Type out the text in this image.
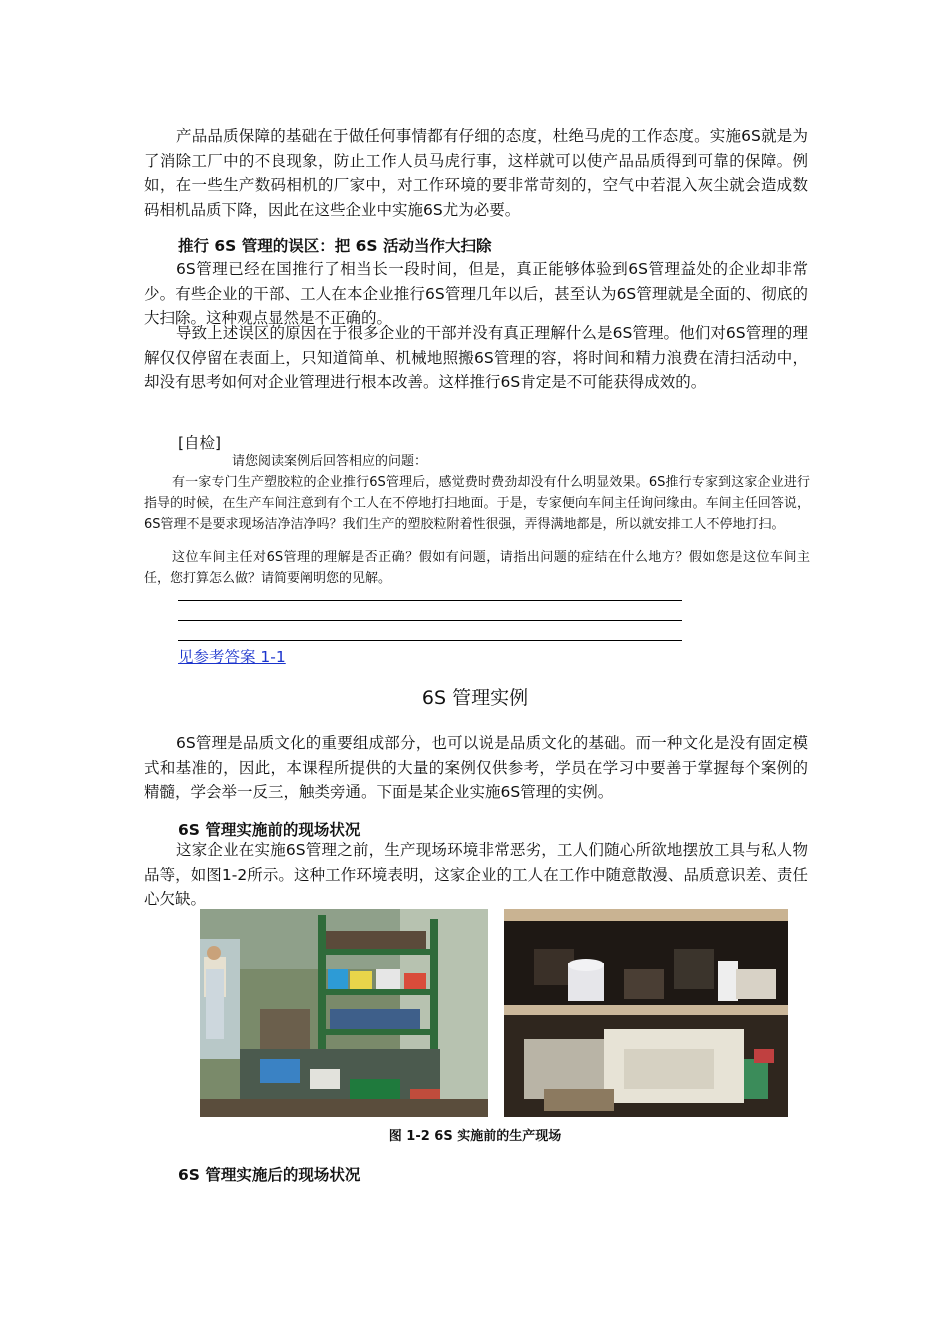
产品品质保障的基础在于做任何事情都有仔细的态度，杜绝马虎的工作态度。实施6S就是为了消除工厂中的不良现象，防止工作人员马虎行事，这样就可以使产品品质得到可靠的保障。例如，在一些生产数码相机的厂家中，对工作环境的要非常苛刻的，空气中若混入灰尘就会造成数码相机品质下降，因此在这些企业中实施6S尤为必要。

推行 6S 管理的误区：把 6S 活动当作大扫除

6S管理已经在国推行了相当长一段时间，但是，真正能够体验到6S管理益处的企业却非常少。有些企业的干部、工人在本企业推行6S管理几年以后，甚至认为6S管理就是全面的、彻底的大扫除。这种观点显然是不正确的。

导致上述误区的原因在于很多企业的干部并没有真正理解什么是6S管理。他们对6S管理的理解仅仅停留在表面上，只知道简单、机械地照搬6S管理的容，将时间和精力浪费在清扫活动中，却没有思考如何对企业管理进行根本改善。这样推行6S肯定是不可能获得成效的。

[自检]

请您阅读案例后回答相应的问题：

有一家专门生产塑胶粒的企业推行6S管理后，感觉费时费劲却没有什么明显效果。6S推行专家到这家企业进行指导的时候，在生产车间注意到有个工人在不停地打扫地面。于是，专家便向车间主任询问缘由。车间主任回答说，6S管理不是要求现场洁净洁净吗？我们生产的塑胶粒附着性很强，弄得满地都是，所以就安排工人不停地打扫。

这位车间主任对6S管理的理解是否正确？假如有问题，请指出问题的症结在什么地方？假如您是这位车间主任，您打算怎么做？请简要阐明您的见解。

见参考答案 1-1
6S 管理实例

6S管理是品质文化的重要组成部分，也可以说是品质文化的基础。而一种文化是没有固定模式和基准的，因此，本课程所提供的大量的案例仅供参考，学员在学习中要善于掌握每个案例的精髓，学会举一反三，触类旁通。下面是某企业实施6S管理的实例。

6S 管理实施前的现场状况

这家企业在实施6S管理之前，生产现场环境非常恶劣，工人们随心所欲地摆放工具与私人物品等，如图1-2所示。这种工作环境表明，这家企业的工人在工作中随意散漫、品质意识差、责任心欠缺。

图 1-2 6S 实施前的生产现场

6S 管理实施后的现场状况
